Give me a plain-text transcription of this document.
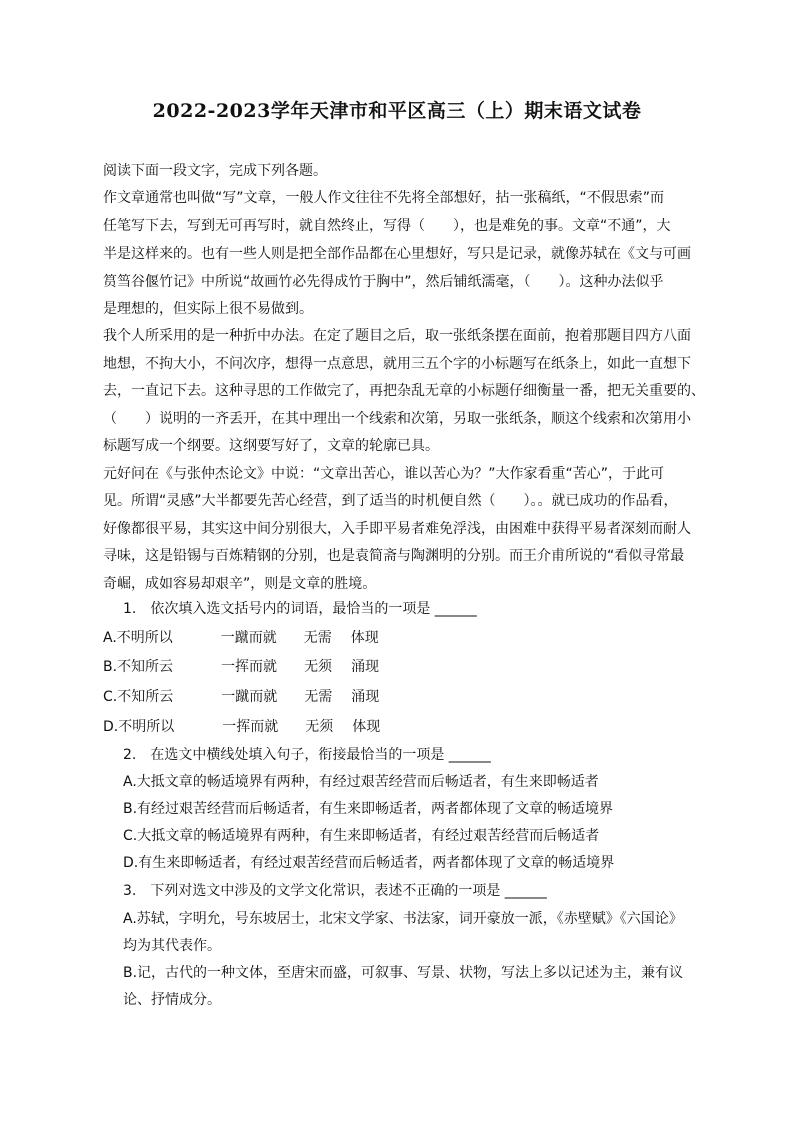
2022-2023学年天津市和平区高三（上）期末语文试卷
阅读下面一段文字，完成下列各题。
作文章通常也叫做“写”文章，一般人作文往往不先将全部想好，拈一张稿纸，“不假思索”而
任笔写下去，写到无可再写时，就自然终止，写得（　　），也是难免的事。文章“不通”，大
半是这样来的。也有一些人则是把全部作品都在心里想好，写只是记录，就像苏轼在《文与可画
筼筜谷偃竹记》中所说“故画竹必先得成竹于胸中”，然后铺纸濡毫，（　　）。这种办法似乎
是理想的，但实际上很不易做到。
我个人所采用的是一种折中办法。在定了题目之后，取一张纸条摆在面前，抱着那题目四方八面
地想，不拘大小，不问次序，想得一点意思，就用三五个字的小标题写在纸条上，如此一直想下
去，一直记下去。这种寻思的工作做完了，再把杂乱无章的小标题仔细衡量一番，把无关重要的、
（　　）说明的一齐丢开，在其中理出一个线索和次第，另取一张纸条，顺这个线索和次第用小
标题写成一个纲要。这纲要写好了，文章的轮廓已具。
元好问在《与张仲杰论文》中说：“文章出苦心，谁以苦心为？”大作家看重“苦心”，于此可
见。所谓“灵感”大半都要先苦心经营，到了适当的时机便自然（　　）。。就已成功的作品看，
好像都很平易，其实这中间分别很大，入手即平易者难免浮浅，由困难中获得平易者深刻而耐人
寻味，这是铅锡与百炼精钢的分别，也是袁简斋与陶渊明的分别。而王介甫所说的“看似寻常最
奇崛，成如容易却艰辛”，则是文章的胜境。
1.　依次填入选文括号内的词语，最恰当的一项是 ______
A.不明所以	一蹴而就 无需 体现
B.不知所云	一挥而就 无须 涌现
C.不知所云	一蹴而就 无需 涌现
D.不明所以	一挥而就 无须 体现
2.　在选文中横线处填入句子，衔接最恰当的一项是 ______
A.大抵文章的畅适境界有两种，有经过艰苦经营而后畅适者，有生来即畅适者
B.有经过艰苦经营而后畅适者，有生来即畅适者，两者都体现了文章的畅适境界
C.大抵文章的畅适境界有两种，有生来即畅适者，有经过艰苦经营而后畅适者
D.有生来即畅适者，有经过艰苦经营而后畅适者，两者都体现了文章的畅适境界
3.　下列对选文中涉及的文学文化常识，表述不正确的一项是 ______
A.苏轼，字明允，号东坡居士，北宋文学家、书法家，词开豪放一派，《赤壁赋》《六国论》
均为其代表作。
B.记，古代的一种文体，至唐宋而盛，可叙事、写景、状物，写法上多以记述为主，兼有议
论、抒情成分。
